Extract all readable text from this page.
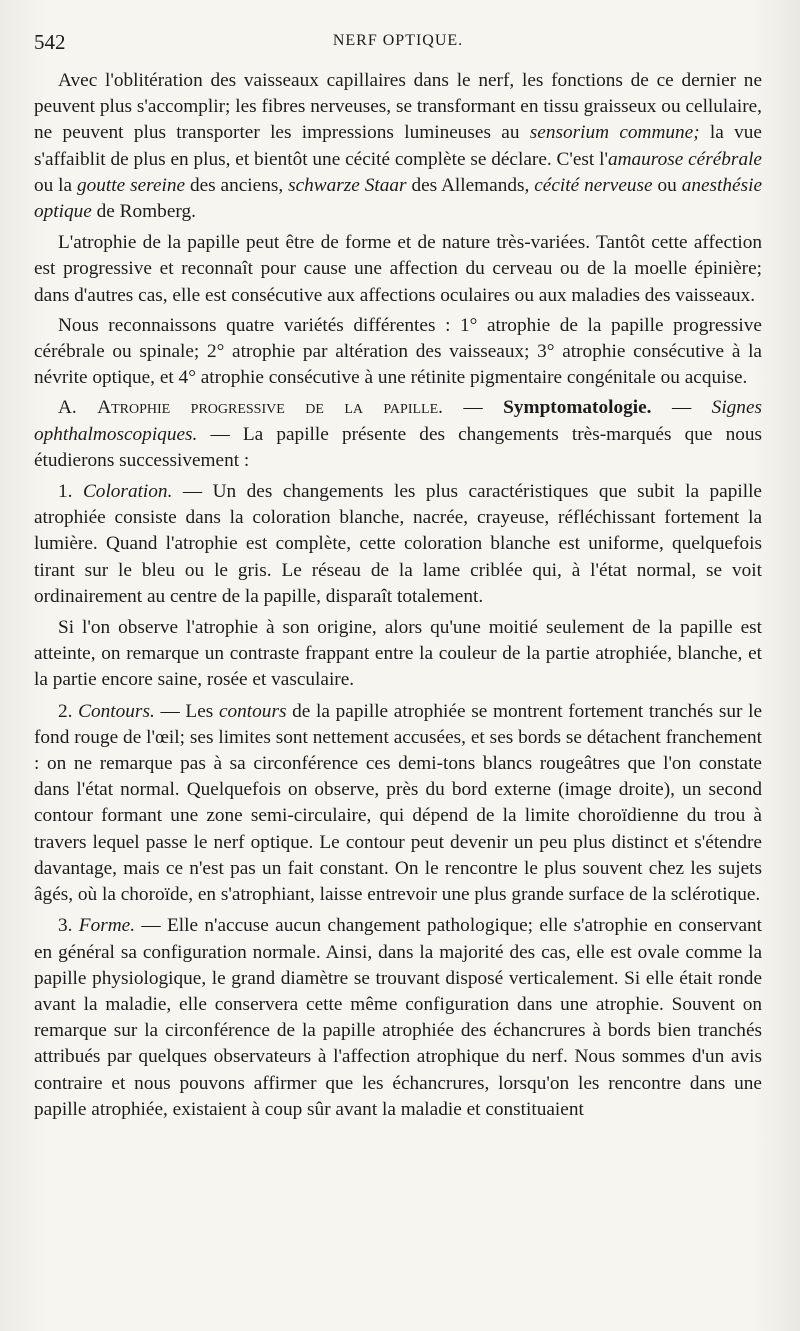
542	NERF OPTIQUE.

Avec l'oblitération des vaisseaux capillaires dans le nerf, les fonctions de ce dernier ne peuvent plus s'accomplir; les fibres nerveuses, se transformant en tissu graisseux ou cellulaire, ne peuvent plus transporter les impressions lumineuses au sensorium commune; la vue s'affaiblit de plus en plus, et bientôt une cécité complète se déclare. C'est l'amaurose cérébrale ou la goutte sereine des anciens, schwarze Staar des Allemands, cécité nerveuse ou anesthésie optique de Romberg.

L'atrophie de la papille peut être de forme et de nature très-variées. Tantôt cette affection est progressive et reconnaît pour cause une affection du cerveau ou de la moelle épinière; dans d'autres cas, elle est consécutive aux affections oculaires ou aux maladies des vaisseaux.

Nous reconnaissons quatre variétés différentes : 1° atrophie de la papille progressive cérébrale ou spinale; 2° atrophie par altération des vaisseaux; 3° atrophie consécutive à la névrite optique, et 4° atrophie consécutive à une rétinite pigmentaire congénitale ou acquise.

A. Atrophie progressive de la papille. — Symptomatologie. — Signes ophthalmoscopiques. — La papille présente des changements très-marqués que nous étudierons successivement :

1. Coloration. — Un des changements les plus caractéristiques que subit la papille atrophiée consiste dans la coloration blanche, nacrée, crayeuse, réfléchissant fortement la lumière. Quand l'atrophie est complète, cette coloration blanche est uniforme, quelquefois tirant sur le bleu ou le gris. Le réseau de la lame criblée qui, à l'état normal, se voit ordinairement au centre de la papille, disparaît totalement.

Si l'on observe l'atrophie à son origine, alors qu'une moitié seulement de la papille est atteinte, on remarque un contraste frappant entre la couleur de la partie atrophiée, blanche, et la partie encore saine, rosée et vasculaire.

2. Contours. — Les contours de la papille atrophiée se montrent fortement tranchés sur le fond rouge de l'œil; ses limites sont nettement accusées, et ses bords se détachent franchement : on ne remarque pas à sa circonférence ces demi-tons blancs rougeâtres que l'on constate dans l'état normal. Quelquefois on observe, près du bord externe (image droite), un second contour formant une zone semi-circulaire, qui dépend de la limite choroïdienne du trou à travers lequel passe le nerf optique. Le contour peut devenir un peu plus distinct et s'étendre davantage, mais ce n'est pas un fait constant. On le rencontre le plus souvent chez les sujets âgés, où la choroïde, en s'atrophiant, laisse entrevoir une plus grande surface de la sclérotique.

3. Forme. — Elle n'accuse aucun changement pathologique; elle s'atrophie en conservant en général sa configuration normale. Ainsi, dans la majorité des cas, elle est ovale comme la papille physiologique, le grand diamètre se trouvant disposé verticalement. Si elle était ronde avant la maladie, elle conservera cette même configuration dans une atrophie. Souvent on remarque sur la circonférence de la papille atrophiée des échancrures à bords bien tranchés attribués par quelques observateurs à l'affection atrophique du nerf. Nous sommes d'un avis contraire et nous pouvons affirmer que les échancrures, lorsqu'on les rencontre dans une papille atrophiée, existaient à coup sûr avant la maladie et constituaient
